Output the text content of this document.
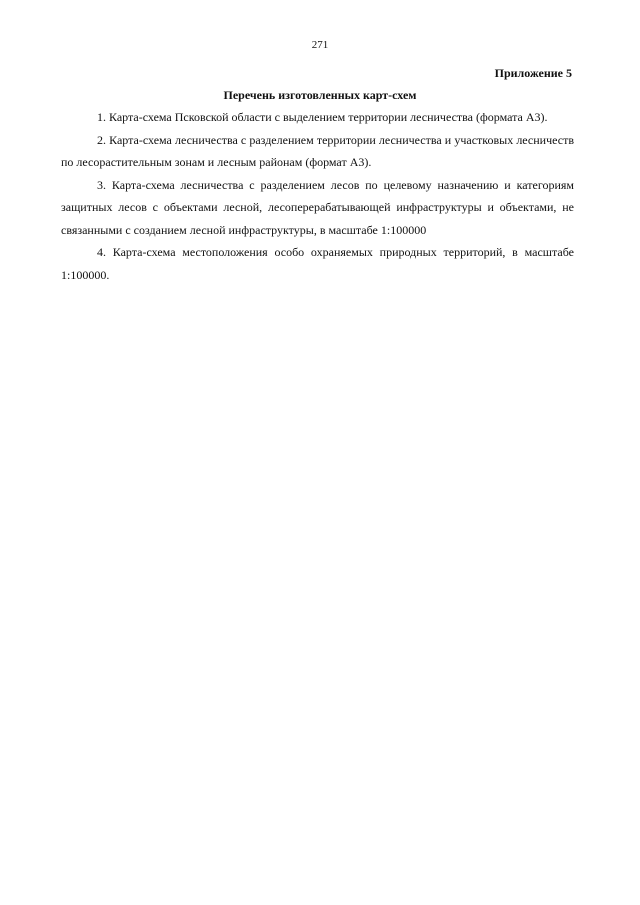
271
Приложение 5
Перечень изготовленных карт-схем

1. Карта-схема Псковской области с выделением территории лесничества (формата А3).

2. Карта-схема лесничества с разделением территории лесничества и участковых лесничеств по лесорастительным зонам и лесным районам (формат А3).

3. Карта-схема лесничества с разделением лесов по целевому назначению и категориям защитных лесов с объектами лесной, лесоперерабатывающей инфраструктуры и объектами, не связанными с созданием лесной инфраструктуры, в масштабе 1:100000

4. Карта-схема местоположения особо охраняемых природных территорий, в масштабе 1:100000.
